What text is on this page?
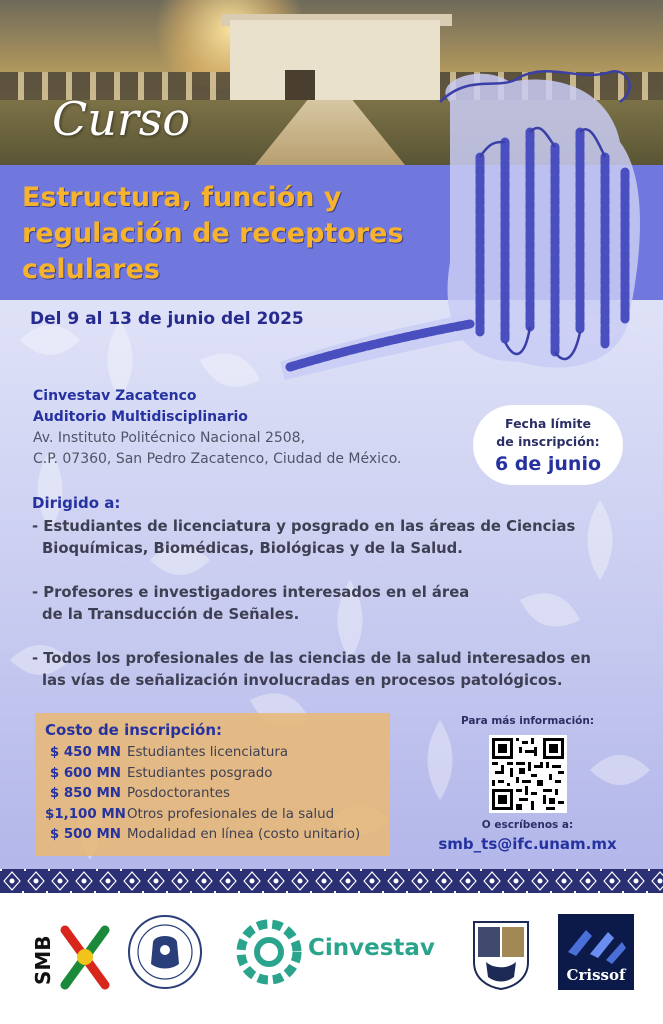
Curso
Estructura, función y
regulación de receptores
celulares
Del 9 al 13 de junio del 2025
Cinvestav Zacatenco
Auditorio Multidisciplinario
Av. Instituto Politécnico Nacional 2508,
C.P. 07360, San Pedro Zacatenco, Ciudad de México.
Fecha límite
de inscripción:
6 de junio
Dirigido a:
- Estudiantes de licenciatura y posgrado en las áreas de Ciencias
Bioquímicas, Biomédicas, Biológicas y de la Salud.
- Profesores e investigadores interesados en el área
de la Transducción de Señales.
- Todos los profesionales de las ciencias de la salud interesados en
las vías de señalización involucradas en procesos patológicos.
Costo de inscripción:
$ 450 MN Estudiantes licenciatura
$ 600 MN Estudiantes posgrado
$ 850 MN Posdoctorantes
$1,100 MN Otros profesionales de la salud
$ 500 MN Modalidad en línea (costo unitario)
Para más información:
O escríbenos a:
smb_ts@ifc.unam.mx
SMB	Cinvestav
Crissof
